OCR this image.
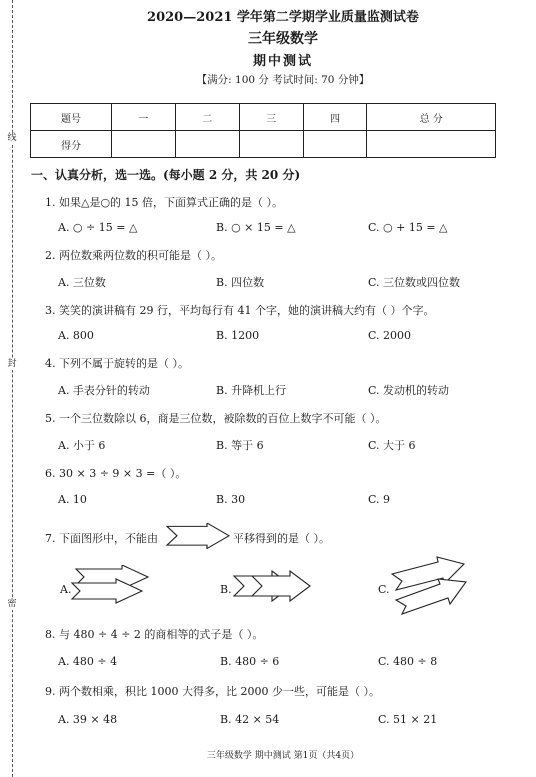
线
封
密
2020—2021 学年第二学期学业质量监测试卷
三年级数学
期中测试
【满分: 100 分 考试时间: 70 分钟】
题号	一	二	三	四	总 分
得分					
一、认真分析，选一选。(每小题 2 分，共 20 分)
1. 如果△是○的 15 倍，下面算式正确的是（ ）。
A. ○ ÷ 15 = △	B. ○ × 15 = △	C. ○ + 15 = △
2. 两位数乘两位数的积可能是（ ）。
A. 三位数	B. 四位数	C. 三位数或四位数
3. 笑笑的演讲稿有 29 行，平均每行有 41 个字，她的演讲稿大约有（ ）个字。
A. 800	B. 1200	C. 2000
4. 下列不属于旋转的是（ ）。
A. 手表分针的转动	B. 升降机上行	C. 发动机的转动
5. 一个三位数除以 6，商是三位数，被除数的百位上数字不可能（ ）。
A. 小于 6	B. 等于 6	C. 大于 6
6. 30 × 3 ÷ 9 × 3 =（ ）。
A. 10	B. 30	C. 9
7. 下面图形中，不能由	平移得到的是（ ）。
A.	B.	C.
8. 与 480 ÷ 4 ÷ 2 的商相等的式子是（ ）。
A. 480 ÷ 4	B. 480 ÷ 6	C. 480 ÷ 8
9. 两个数相乘，积比 1000 大得多，比 2000 少一些，可能是（ ）。
A. 39 × 48	B. 42 × 54	C. 51 × 21
三年级数学 期中测试 第1页（共4页）
